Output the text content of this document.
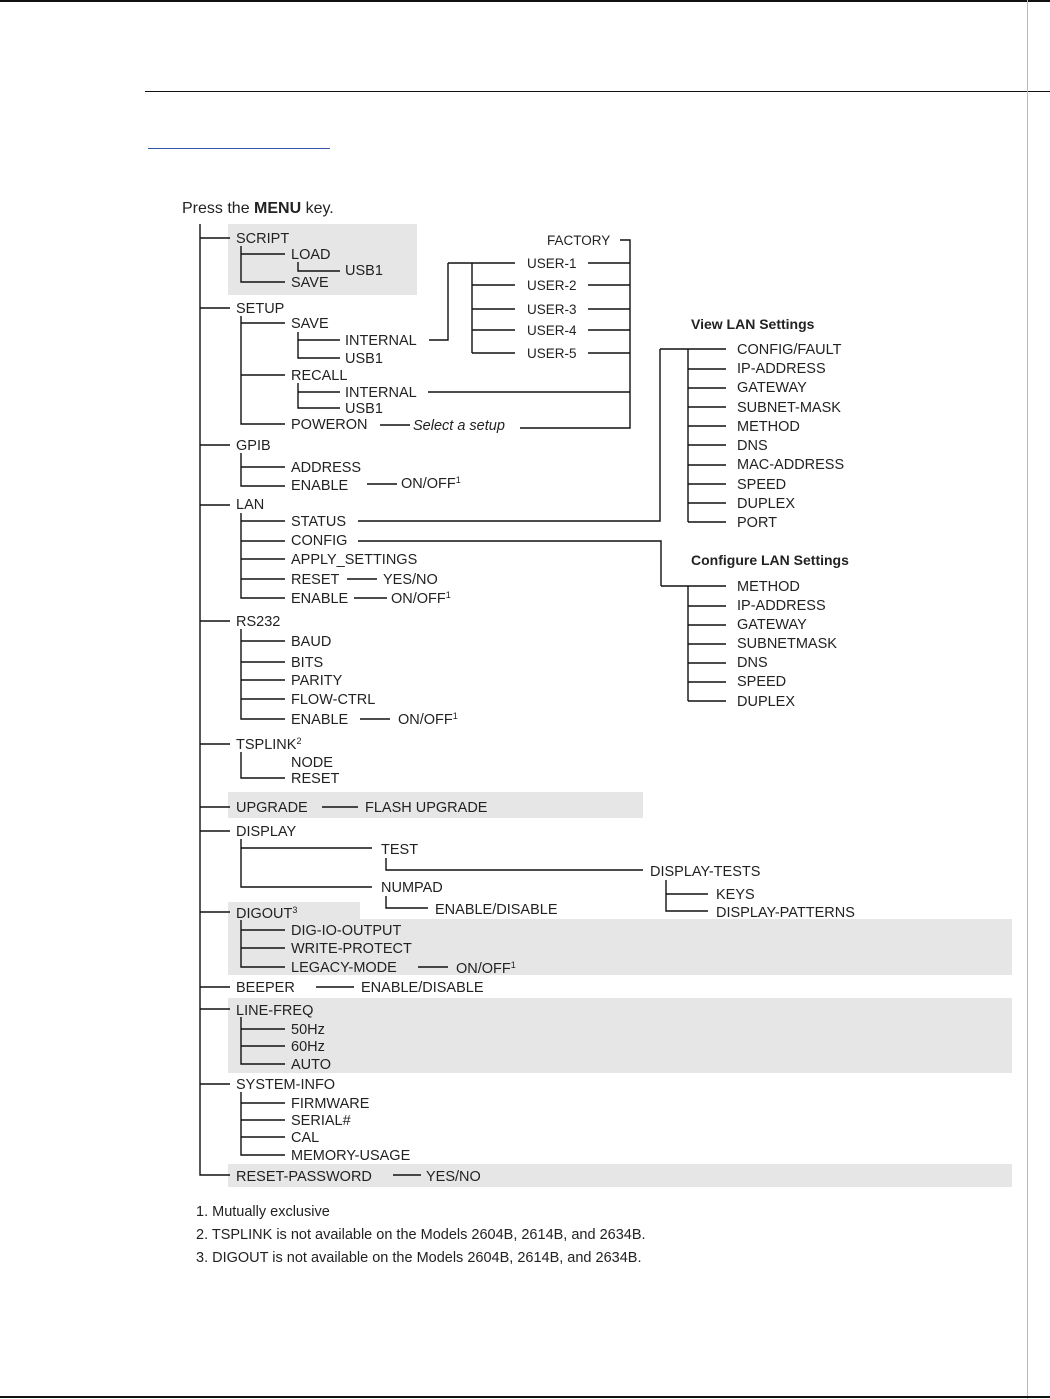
Press the MENU key.
SCRIPT
LOAD
USB1
SAVE
SETUP
SAVE
INTERNAL
USB1
RECALL
INTERNAL
USB1
POWERON	Select a setup
FACTORY
USER-1
USER-2
USER-3
USER-4
USER-5
GPIB
ADDRESS
ENABLE	ON/OFF$^1$
LAN
STATUS
CONFIG
APPLY_SETTINGS
RESET	YES/NO
ENABLE	ON/OFF$^1$
View LAN Settings
CONFIG/FAULT
IP-ADDRESS
GATEWAY
SUBNET-MASK
METHOD
DNS
MAC-ADDRESS
SPEED
DUPLEX
PORT
Configure LAN Settings
METHOD
IP-ADDRESS
GATEWAY
SUBNETMASK
DNS
SPEED
DUPLEX
RS232
BAUD
BITS
PARITY
FLOW-CTRL
ENABLE	ON/OFF$^1$
TSPLINK$^2$
NODE
RESET
UPGRADE	FLASH UPGRADE
DISPLAY
TEST
NUMPAD
ENABLE/DISABLE
DISPLAY-TESTS
KEYS
DISPLAY-PATTERNS
DIGOUT$^3$
DIG-IO-OUTPUT
WRITE-PROTECT
LEGACY-MODE	ON/OFF$^1$
BEEPER	ENABLE/DISABLE
LINE-FREQ
50Hz
60Hz
AUTO
SYSTEM-INFO
FIRMWARE
SERIAL#
CAL
MEMORY-USAGE
RESET-PASSWORD	YES/NO
1. Mutually exclusive
2. TSPLINK is not available on the Models 2604B, 2614B, and 2634B.
3. DIGOUT is not available on the Models 2604B, 2614B, and 2634B.
